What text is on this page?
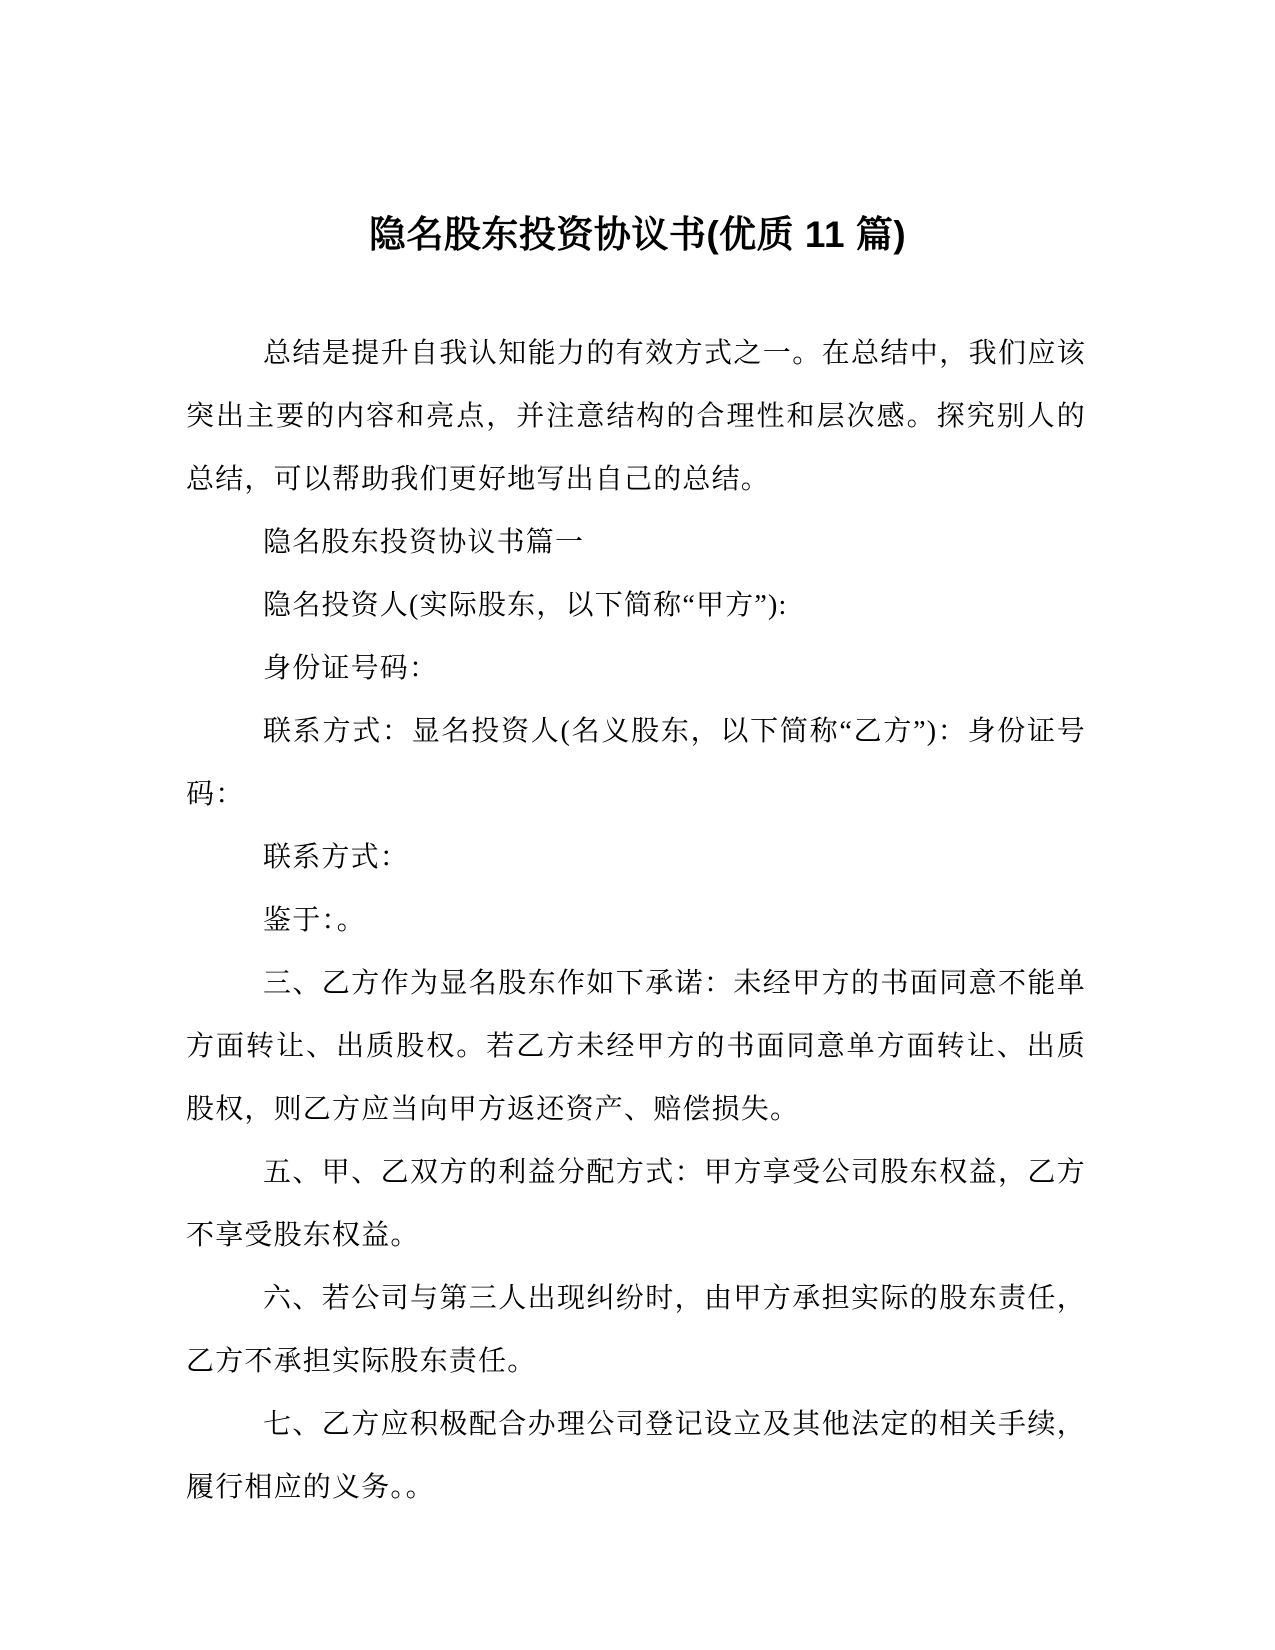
隐名股东投资协议书(优质 11 篇)

总结是提升自我认知能力的有效方式之一。在总结中，我们应该突出主要的内容和亮点，并注意结构的合理性和层次感。探究别人的总结，可以帮助我们更好地写出自己的总结。

隐名股东投资协议书篇一

隐名投资人(实际股东，以下简称“甲方”):

身份证号码：

联系方式：显名投资人(名义股东，以下简称“乙方”)：身份证号码：

联系方式：

鉴于：。

三、乙方作为显名股东作如下承诺：未经甲方的书面同意不能单方面转让、出质股权。若乙方未经甲方的书面同意单方面转让、出质股权，则乙方应当向甲方返还资产、赔偿损失。

五、甲、乙双方的利益分配方式：甲方享受公司股东权益，乙方不享受股东权益。

六、若公司与第三人出现纠纷时，由甲方承担实际的股东责任，乙方不承担实际股东责任。

七、乙方应积极配合办理公司登记设立及其他法定的相关手续，履行相应的义务。。
